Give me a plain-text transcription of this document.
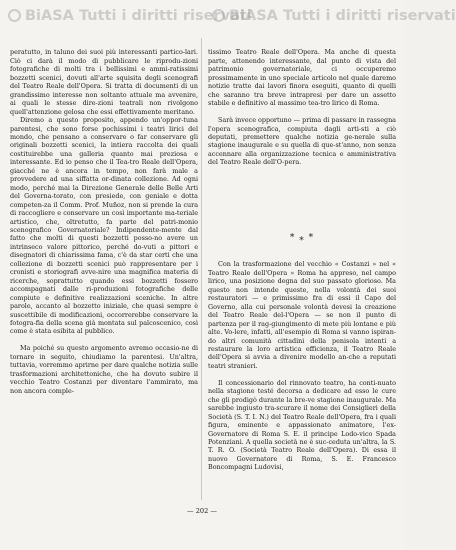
BiASA Tutti i diritti riservati
BiASA Tutti i diritti riservati

peratutto, in taluno dei suoi più interessanti partico-lari. Ciò ci darà il modo di pubblicare le riprodu-zioni fotografiche di molti tra i bellissimi e ammi-ratissimi bozzetti scenici, dovuti all'arte squisita degli scenografi del Teatro Reale dell'Opera. Si tratta di documenti di un grandissimo interesse non soltanto attuale ma avvenire, ai quali le stesse dire-zioni teatrali non rivolgono quell'attenzione gelosa che essi effettivamente meritano.

Diremo a questo proposito, appendo un'oppor-tuna parentesi, che sono forse pochissimi i teatri lirici del mondo, che pensano a conservare o far conservare gli originali bozzetti scenici, la intiera raccolta dei quali costituirebbe una galleria quanto mai preziosa e interessante. Ed io penso che il Tea-tro Reale dell'Opera, giacché ne è ancora in tempo, non farà male a provvedere ad una siffatta or-dinata collezione. Ad ogni modo, perché mai la Direzione Generale delle Belle Arti del Governa-torato, con presiede, con geniale e dotta competen-za il Comm. Prof. Muñoz, non si prende la cura di raccogliere e conservare un così importante ma-teriale artistico, che, oltretutto, fa parte del patri-monio scenografico Governatoriale? Indipendente-mente dal fatto che molti di questi bozzetti posso-no avere un intrinseco valore pittorico, perché do-vuti a pittori e disegnatori di chiarissima fama, c'è da star certi che una collezione di bozzetti scenici può rappresentare per i cronisti e storiografi avve-nire una magnifica materia di ricerche, soprattutto quando essi bozzetti fossero accompagnati dalle ri-produzioni fotografiche delle compiute e definitive realizzazioni sceniche. In altre parole, accanto al bozzetto iniziale, che quasi sempre è suscettibile di modificazioni, occorrerebbe conservare la fotogra-fia della scena già montata sul palcoscenico, così come è stata esibita al pubblico.

Ma poiché su questo argomento avremo occasio-ne di tornare in seguito, chiudiamo la parentesi. Un'altra, tuttavia, vorremmo aprirne per dare qualche notizia sulle trasformazioni architettoniche, che ha dovuto subire il vecchio Teatro Costanzi per diventare l'ammirato, ma non ancora comple-

tissimo Teatro Reale dell'Opera. Ma anche di questa parte, attenendo interessante, dal punto di vista del patrimonio governatoriale, ci occuperemo prossimamente in uno speciale articolo nel quale daremo notizie tratte dai lavori finora eseguiti, quanto di quelli che saranno tra breve intrapresi per dare un assetto stabile e definitivo al massimo tea-tro lirico di Roma.

Sarà invece opportuno — prima di passare in rassegna l'opera scenografica, compiuta dagli arti-sti a ciò deputati, premettere qualche notizia ge-nerale sulla stagione inaugurale e su quella di que-st'anno, non senza accennare alla organizzazione tecnica e amministrativa del Teatro Reale dell'O-pera.

* ⁎ *

Con la trasformazione del vecchio « Costanzi » nel « Teatro Reale dell'Opera » Roma ha appreso, nel campo lirico, una posizione degna del suo passato glorioso. Ma questo non intende queste, nella volontà dei suoi restauratori — e primissimo fra di essi il Capo del Governo, alla cui personale volontà devesi la creazione del Teatro Reale del-l'Opera — se non il punto di partenza per il rag-giungimento di mete più lontane e più alte. Vo-lere, infatti, all'esempio di Roma si vanno ispiran-do altri comunità cittadini della penisola intenti a restaurare la loro artistica efficienza, il Teatro Reale dell'Opera si avvia a divenire modello an-che a reputati teatri stranieri.

Il concessionario del rinnovato teatro, ha conti-nuato nella stagione testé decorsa a dedicare ad esso le cure che gli prodigò durante la bre-ve stagione inaugurale. Ma sarebbe ingiusto tra-scurare il nome dei Consiglieri della Società (S. T. I. N.) del Teatro Reale dell'Opera, fra i quali figura, eminente e appassionato animatore, l'ex-Governatore di Roma S. E. il principe Lodo-vico Spada Potenziani. A quella società ne è suc-ceduta un'altra, la S. T. R. O. (Società Teatro Reale dell'Opera). Di essa il nuovo Governatore di Roma, S. E. Francesco Boncompagni Ludovisi,

— 202 —
